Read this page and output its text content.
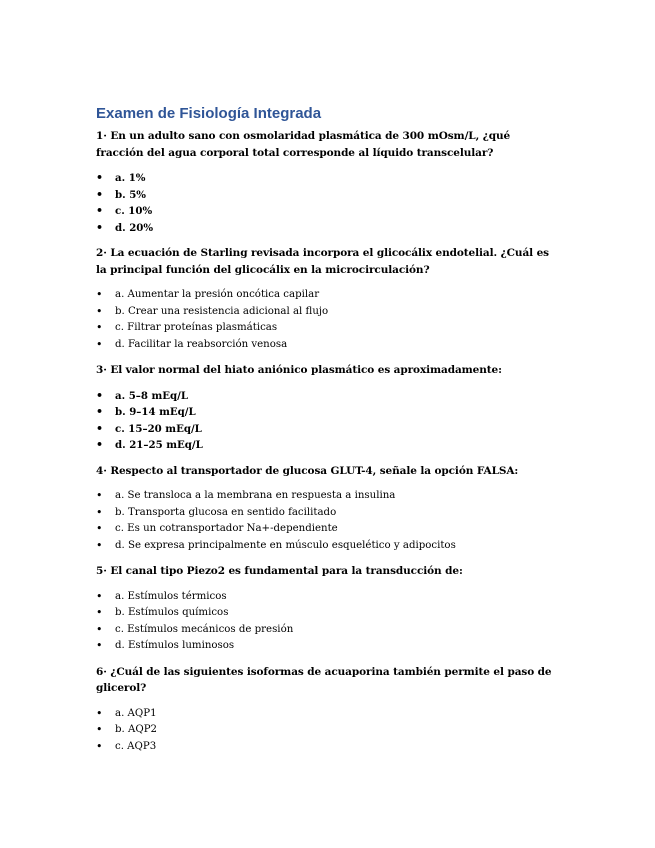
Examen de Fisiología Integrada

1· En un adulto sano con osmolaridad plasmática de 300 mOsm/L, ¿qué fracción del agua corporal total corresponde al líquido transcelular?

• a. 1%
• b. 5%
• c. 10%
• d. 20%

2· La ecuación de Starling revisada incorpora el glicocálix endotelial. ¿Cuál es la principal función del glicocálix en la microcirculación?

• a. Aumentar la presión oncótica capilar
• b. Crear una resistencia adicional al flujo
• c. Filtrar proteínas plasmáticas
• d. Facilitar la reabsorción venosa

3· El valor normal del hiato aniónico plasmático es aproximadamente:

• a. 5–8 mEq/L
• b. 9–14 mEq/L
• c. 15–20 mEq/L
• d. 21–25 mEq/L

4· Respecto al transportador de glucosa GLUT-4, señale la opción FALSA:

• a. Se transloca a la membrana en respuesta a insulina
• b. Transporta glucosa en sentido facilitado
• c. Es un cotransportador Na+-dependiente
• d. Se expresa principalmente en músculo esquelético y adipocitos

5· El canal tipo Piezo2 es fundamental para la transducción de:

• a. Estímulos térmicos
• b. Estímulos químicos
• c. Estímulos mecánicos de presión
• d. Estímulos luminosos

6· ¿Cuál de las siguientes isoformas de acuaporina también permite el paso de glicerol?

• a. AQP1
• b. AQP2
• c. AQP3
